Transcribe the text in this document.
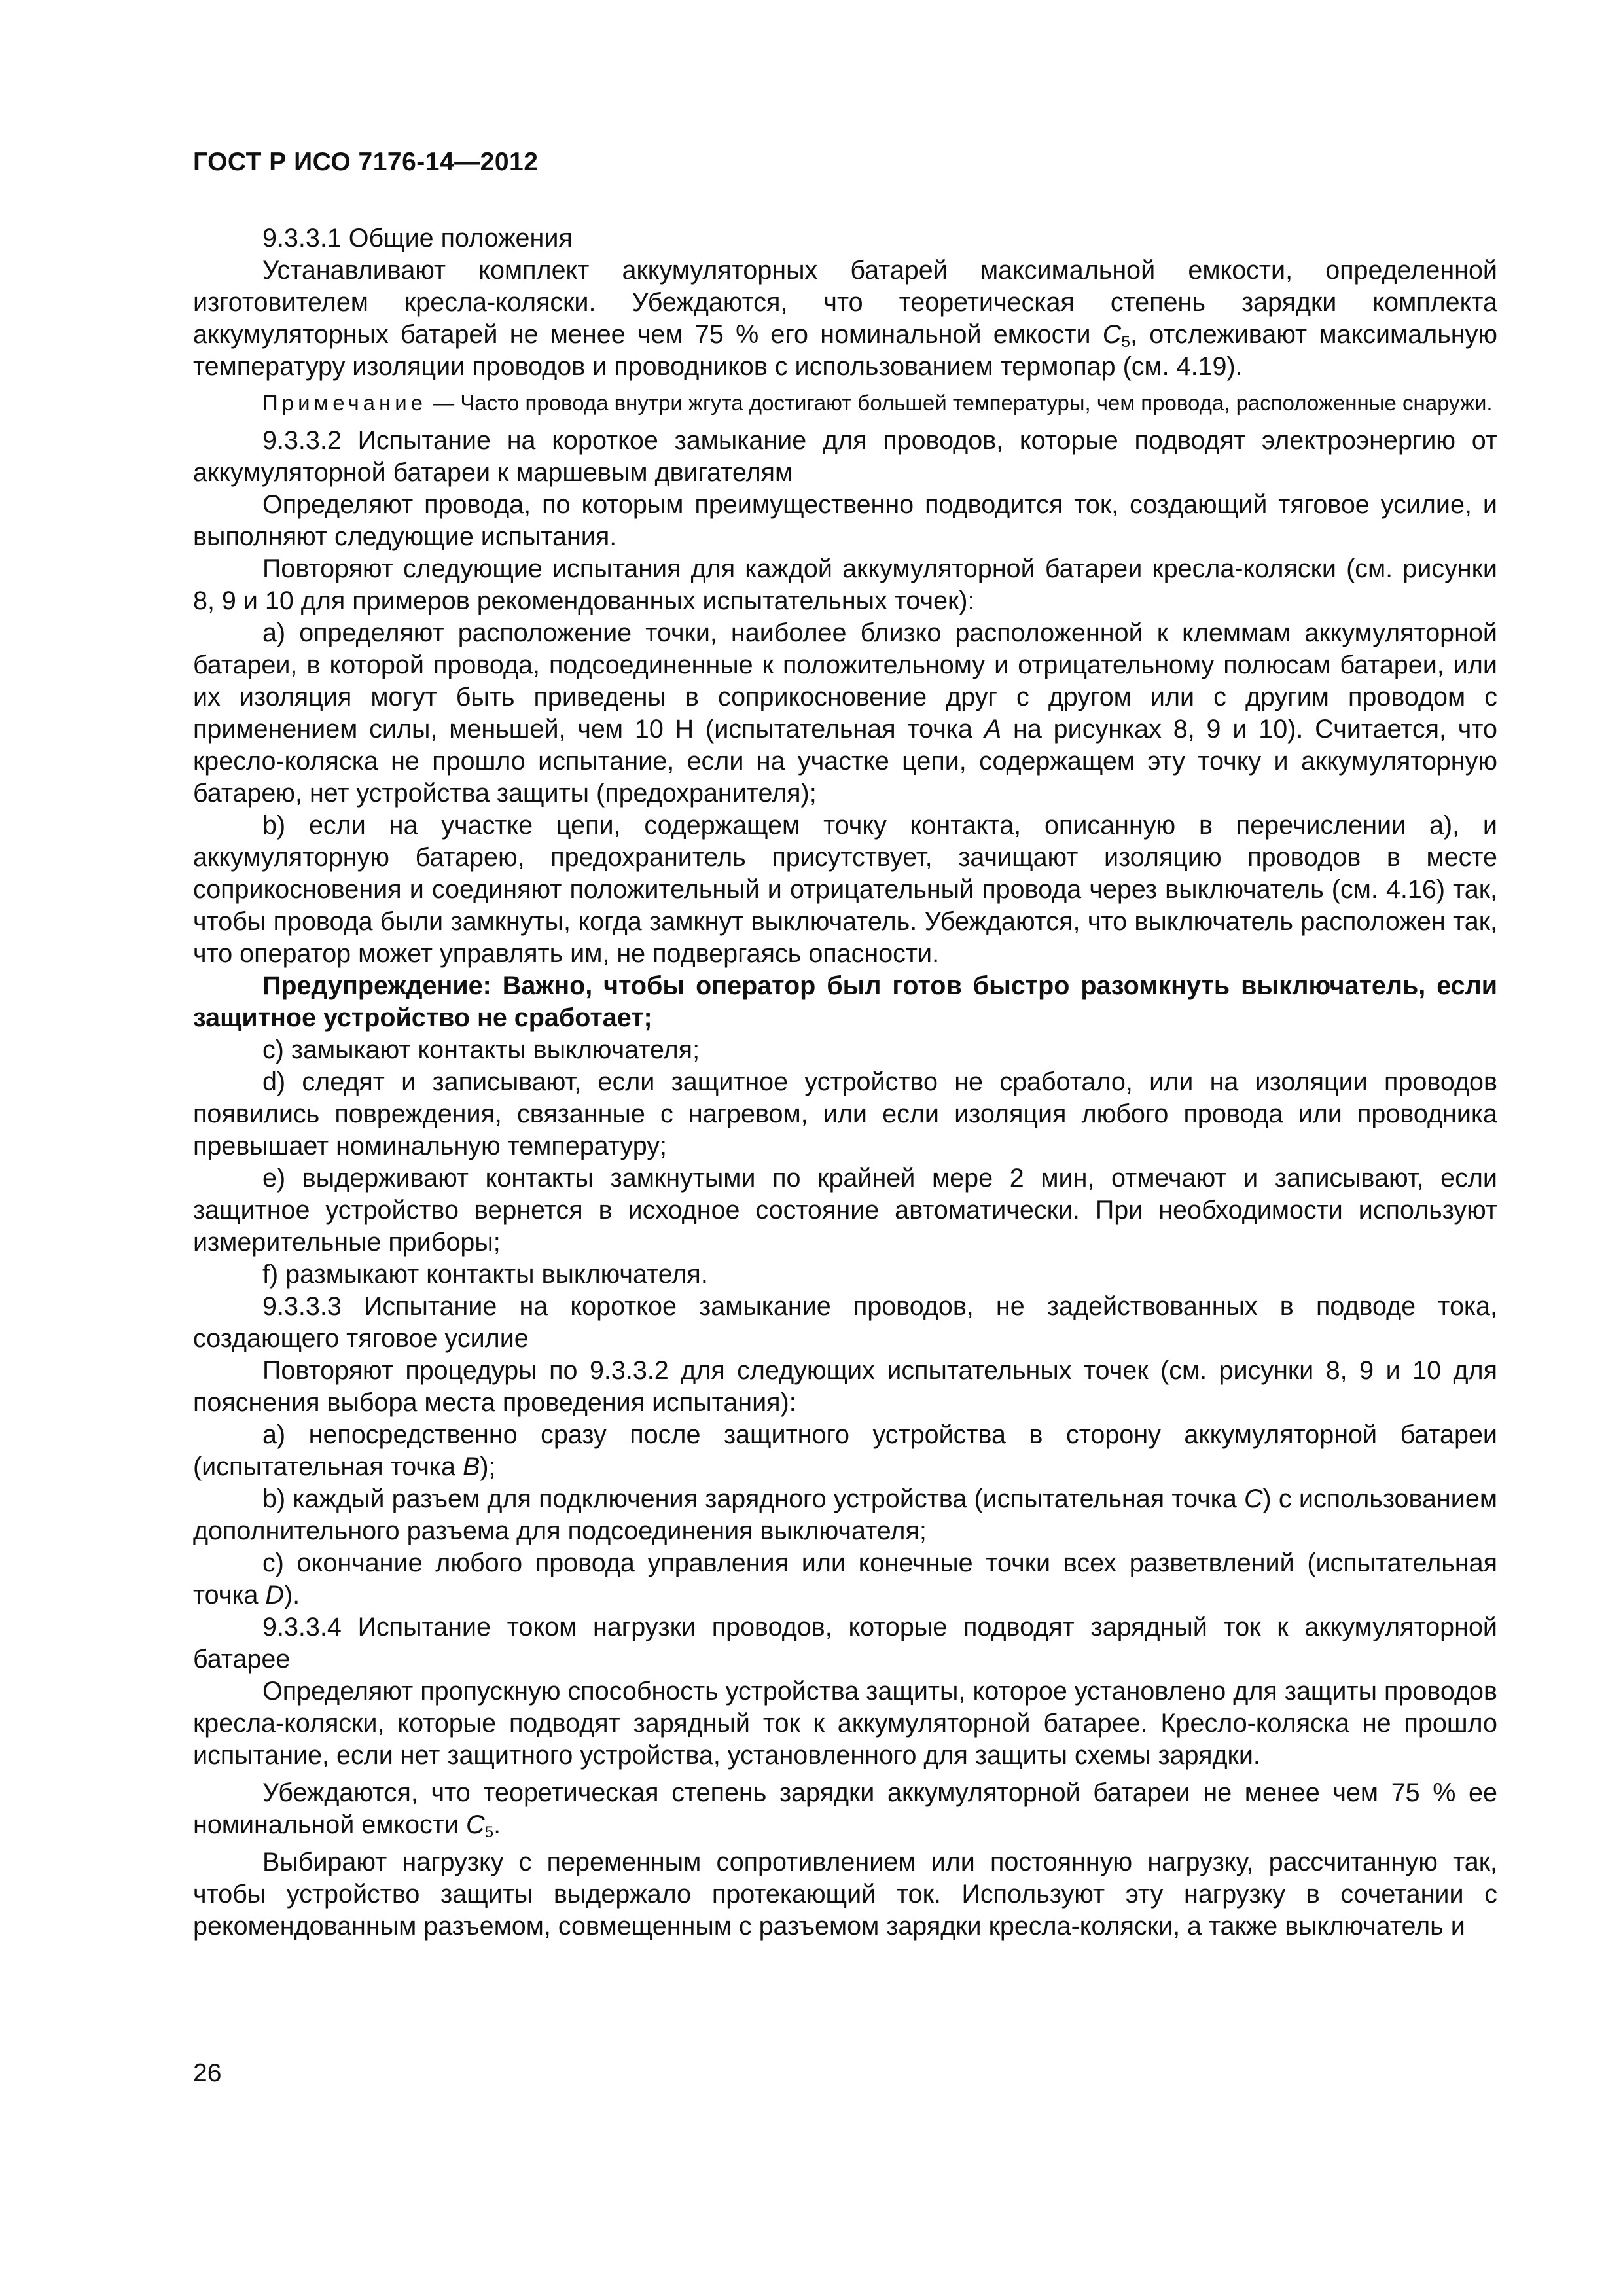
ГОСТ Р ИСО 7176-14—2012

9.3.3.1 Общие положения

Устанавливают комплект аккумуляторных батарей максимальной емкости, определенной изготовителем кресла-коляски. Убеждаются, что теоретическая степень зарядки комплекта аккумуляторных батарей не менее чем 75 % его номинальной емкости $C_5$, отслеживают максимальную температуру изоляции проводов и проводников с использованием термопар (см. 4.19).

Примечание — Часто провода внутри жгута достигают большей температуры, чем провода, расположенные снаружи.

9.3.3.2 Испытание на короткое замыкание для проводов, которые подводят электроэнергию от аккумуляторной батареи к маршевым двигателям

Определяют провода, по которым преимущественно подводится ток, создающий тяговое усилие, и выполняют следующие испытания.

Повторяют следующие испытания для каждой аккумуляторной батареи кресла-коляски (см. рисунки 8, 9 и 10 для примеров рекомендованных испытательных точек):

а) определяют расположение точки, наиболее близко расположенной к клеммам аккумуляторной батареи, в которой провода, подсоединенные к положительному и отрицательному полюсам батареи, или их изоляция могут быть приведены в соприкосновение друг с другом или с другим проводом с применением силы, меньшей, чем 10 Н (испытательная точка А на рисунках 8, 9 и 10). Считается, что кресло-коляска не прошло испытание, если на участке цепи, содержащем эту точку и аккумуляторную батарею, нет устройства защиты (предохранителя);

b) если на участке цепи, содержащем точку контакта, описанную в перечислении а), и аккумуляторную батарею, предохранитель присутствует, зачищают изоляцию проводов в месте соприкосновения и соединяют положительный и отрицательный провода через выключатель (см. 4.16) так, чтобы провода были замкнуты, когда замкнут выключатель. Убеждаются, что выключатель расположен так, что оператор может управлять им, не подвергаясь опасности.

Предупреждение: Важно, чтобы оператор был готов быстро разомкнуть выключатель, если защитное устройство не сработает;

с) замыкают контакты выключателя;

d) следят и записывают, если защитное устройство не сработало, или на изоляции проводов появились повреждения, связанные с нагревом, или если изоляция любого провода или проводника превышает номинальную температуру;

е) выдерживают контакты замкнутыми по крайней мере 2 мин, отмечают и записывают, если защитное устройство вернется в исходное состояние автоматически. При необходимости используют измерительные приборы;

f) размыкают контакты выключателя.

9.3.3.3 Испытание на короткое замыкание проводов, не задействованных в подводе тока, создающего тяговое усилие

Повторяют процедуры по 9.3.3.2 для следующих испытательных точек (см. рисунки 8, 9 и 10 для пояснения выбора места проведения испытания):

а) непосредственно сразу после защитного устройства в сторону аккумуляторной батареи (испытательная точка В);

b) каждый разъем для подключения зарядного устройства (испытательная точка С) с использованием дополнительного разъема для подсоединения выключателя;

с) окончание любого провода управления или конечные точки всех разветвлений (испытательная точка D).

9.3.3.4 Испытание током нагрузки проводов, которые подводят зарядный ток к аккумуляторной батарее

Определяют пропускную способность устройства защиты, которое установлено для защиты проводов кресла-коляски, которые подводят зарядный ток к аккумуляторной батарее. Кресло-коляска не прошло испытание, если нет защитного устройства, установленного для защиты схемы зарядки.

Убеждаются, что теоретическая степень зарядки аккумуляторной батареи не менее чем 75 % ее номинальной емкости $С_5$.

Выбирают нагрузку с переменным сопротивлением или постоянную нагрузку, рассчитанную так, чтобы устройство защиты выдержало протекающий ток. Используют эту нагрузку в сочетании с рекомендованным разъемом, совмещенным с разъемом зарядки кресла-коляски, а также выключатель и

26
